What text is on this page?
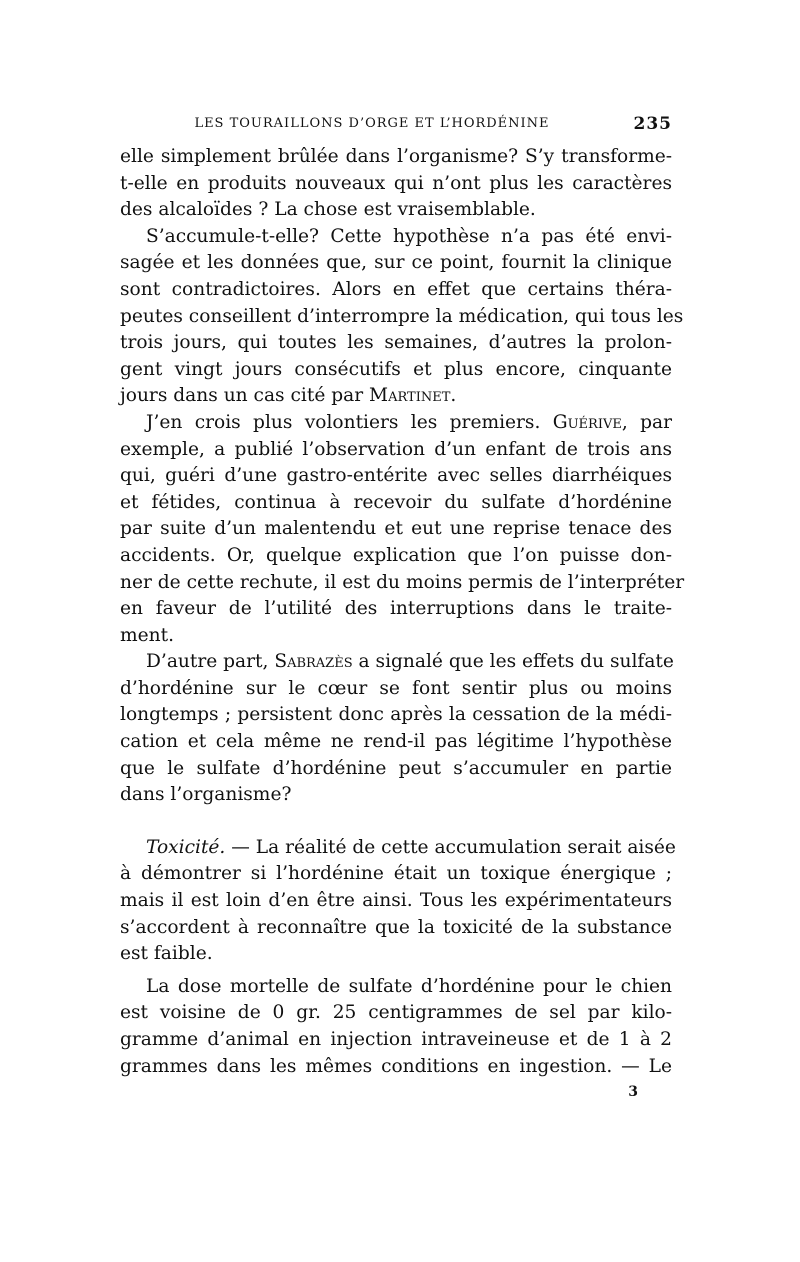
LES TOURAILLONS D’ORGE ET L’HORDÉNINE	235

elle simplement brûlée dans l’organisme? S’y transforme-
t-elle en produits nouveaux qui n’ont plus les caractères
des alcaloïdes ? La chose est vraisemblable.

S’accumule-t-elle? Cette hypothèse n’a pas été envi-
sagée et les données que, sur ce point, fournit la clinique
sont contradictoires. Alors en effet que certains théra-
peutes conseillent d’interrompre la médication, qui tous les
trois jours, qui toutes les semaines, d’autres la prolon-
gent vingt jours consécutifs et plus encore, cinquante
jours dans un cas cité par Martinet.

J’en crois plus volontiers les premiers. Guérive, par
exemple, a publié l’observation d’un enfant de trois ans
qui, guéri d’une gastro-entérite avec selles diarrhéiques
et fétides, continua à recevoir du sulfate d’hordénine
par suite d’un malentendu et eut une reprise tenace des
accidents. Or, quelque explication que l’on puisse don-
ner de cette rechute, il est du moins permis de l’interpréter
en faveur de l’utilité des interruptions dans le traite-
ment.

D’autre part, Sabrazès a signalé que les effets du sulfate
d’hordénine sur le cœur se font sentir plus ou moins
longtemps ; persistent donc après la cessation de la médi-
cation et cela même ne rend-il pas légitime l’hypothèse
que le sulfate d’hordénine peut s’accumuler en partie
dans l’organisme?

Toxicité. — La réalité de cette accumulation serait aisée
à démontrer si l’hordénine était un toxique énergique ;
mais il est loin d’en être ainsi. Tous les expérimentateurs
s’accordent à reconnaître que la toxicité de la substance
est faible.

La dose mortelle de sulfate d’hordénine pour le chien
est voisine de 0 gr. 25 centigrammes de sel par kilo-
gramme d’animal en injection intraveineuse et de 1 à 2
grammes dans les mêmes conditions en ingestion. — Le

3
